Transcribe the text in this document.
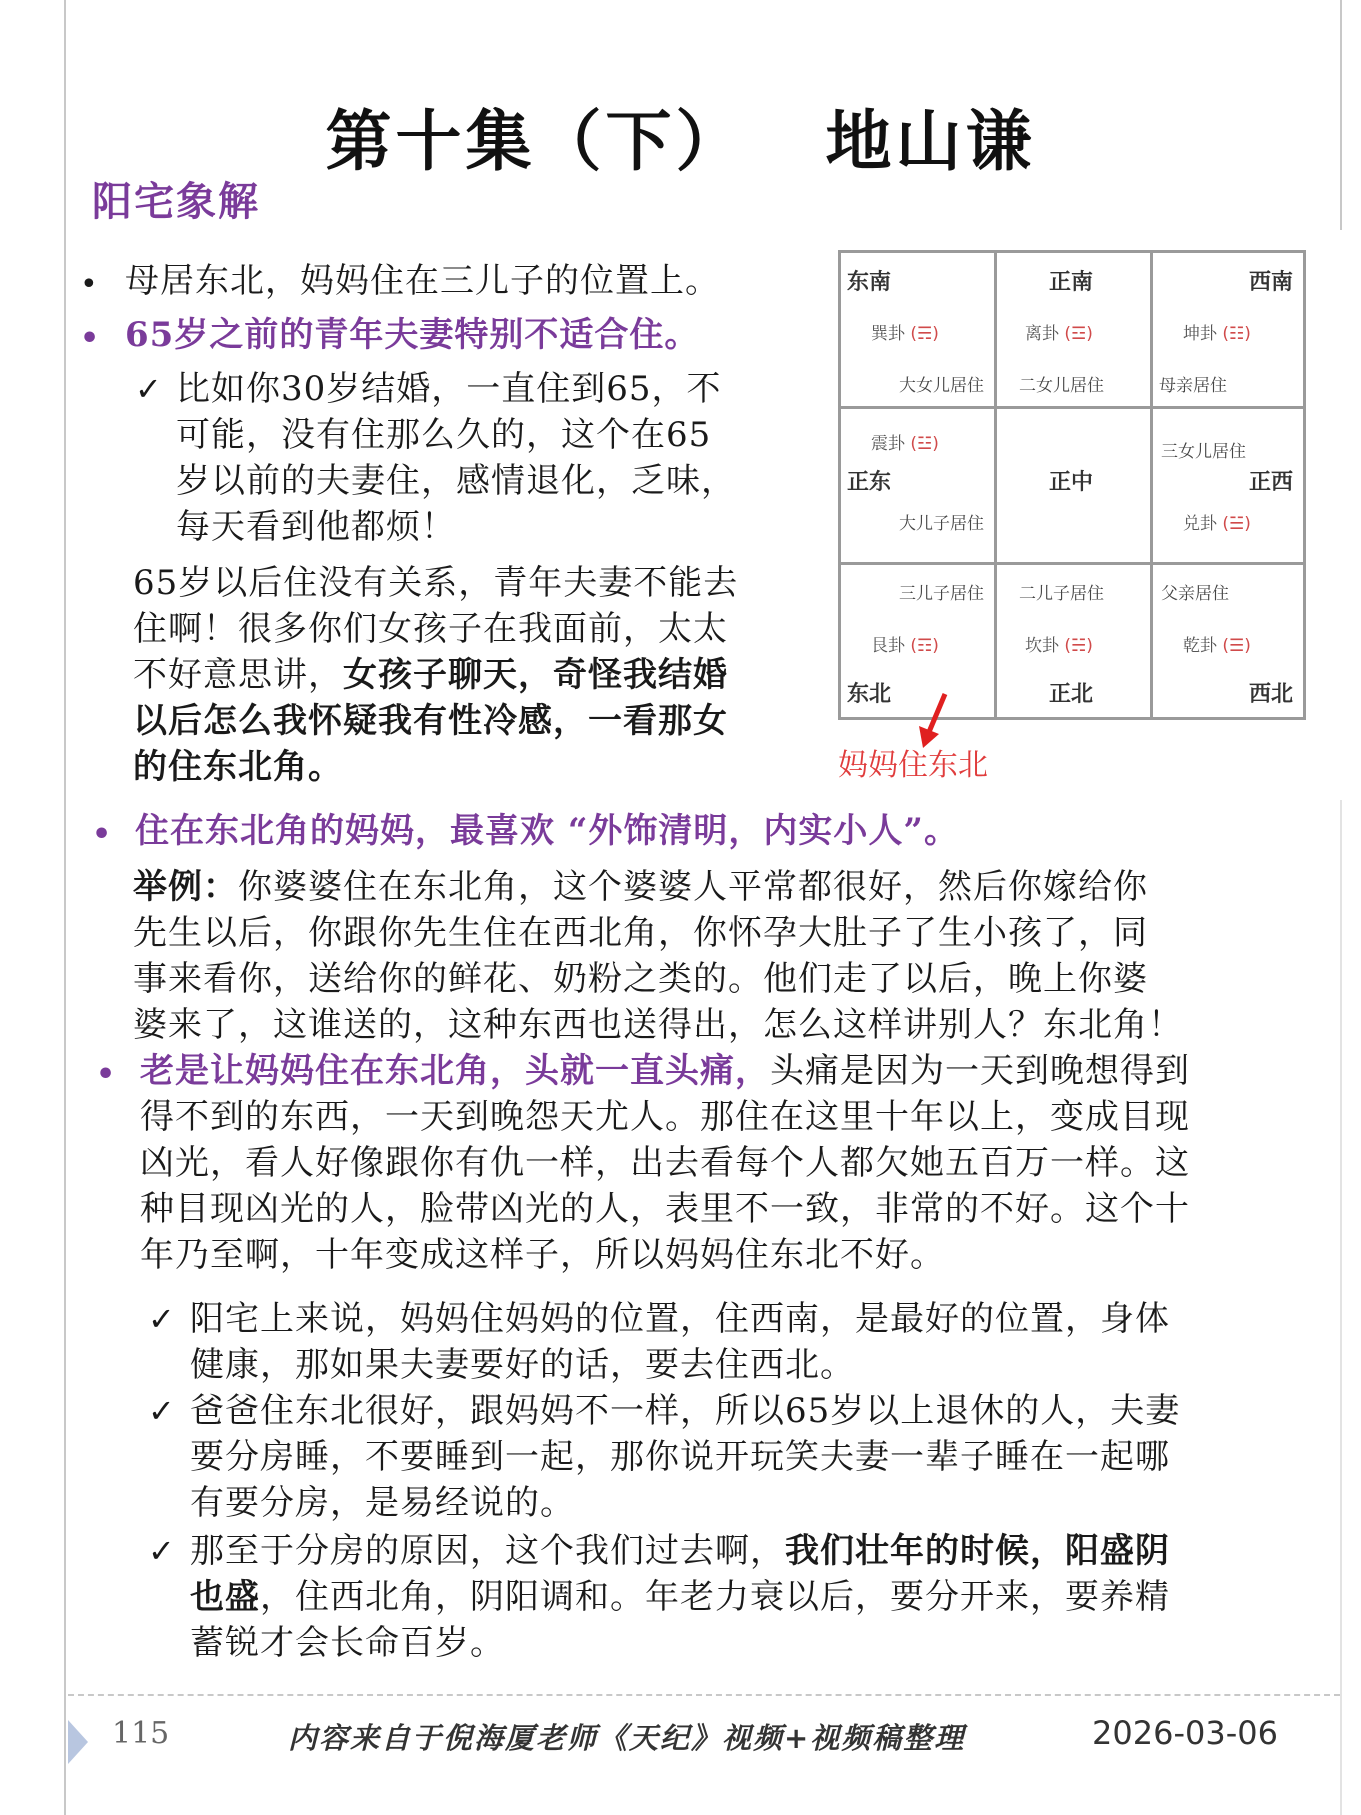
第十集（下） 地山谦
阳宅象解
• 母居东北，妈妈住在三儿子的位置上。
• 65岁之前的青年夫妻特别不适合住。
✓ 比如你30岁结婚，一直住到65，不
可能，没有住那么久的，这个在65
岁以前的夫妻住，感情退化，乏味，
每天看到他都烦！
65岁以后住没有关系，青年夫妻不能去
住啊！很多你们女孩子在我面前，太太
不好意思讲，女孩子聊天，奇怪我结婚
以后怎么我怀疑我有性冷感，一看那女
的住东北角。
东南
巽卦 (☴)
大女儿居住
正南
离卦 (☲)
二女儿居住
西南
坤卦 (☷)
母亲居住
震卦 (☳)
正东
大儿子居住
正中
三女儿居住
正西
兑卦 (☱)
三儿子居住
艮卦 (☶)
东北
二儿子居住
坎卦 (☵)
正北
父亲居住
乾卦 (☰)
西北
妈妈住东北
• 住在东北角的妈妈，最喜欢 “外饰清明，内实小人”。
举例：你婆婆住在东北角，这个婆婆人平常都很好，然后你嫁给你
先生以后，你跟你先生住在西北角，你怀孕大肚子了生小孩了，同
事来看你，送给你的鲜花、奶粉之类的。他们走了以后，晚上你婆
婆来了，这谁送的，这种东西也送得出，怎么这样讲别人？东北角！
• 老是让妈妈住在东北角，头就一直头痛，头痛是因为一天到晚想得到
得不到的东西，一天到晚怨天尤人。那住在这里十年以上，变成目现
凶光，看人好像跟你有仇一样，出去看每个人都欠她五百万一样。这
种目现凶光的人，脸带凶光的人，表里不一致，非常的不好。这个十
年乃至啊，十年变成这样子，所以妈妈住东北不好。
✓ 阳宅上来说，妈妈住妈妈的位置，住西南，是最好的位置，身体
健康，那如果夫妻要好的话，要去住西北。
✓ 爸爸住东北很好，跟妈妈不一样，所以65岁以上退休的人，夫妻
要分房睡，不要睡到一起，那你说开玩笑夫妻一辈子睡在一起哪
有要分房，是易经说的。
✓ 那至于分房的原因，这个我们过去啊，我们壮年的时候，阳盛阴
也盛，住西北角，阴阳调和。年老力衰以后，要分开来，要养精
蓄锐才会长命百岁。
115	内容来自于倪海厦老师《天纪》视频+视频稿整理	2026-03-06
